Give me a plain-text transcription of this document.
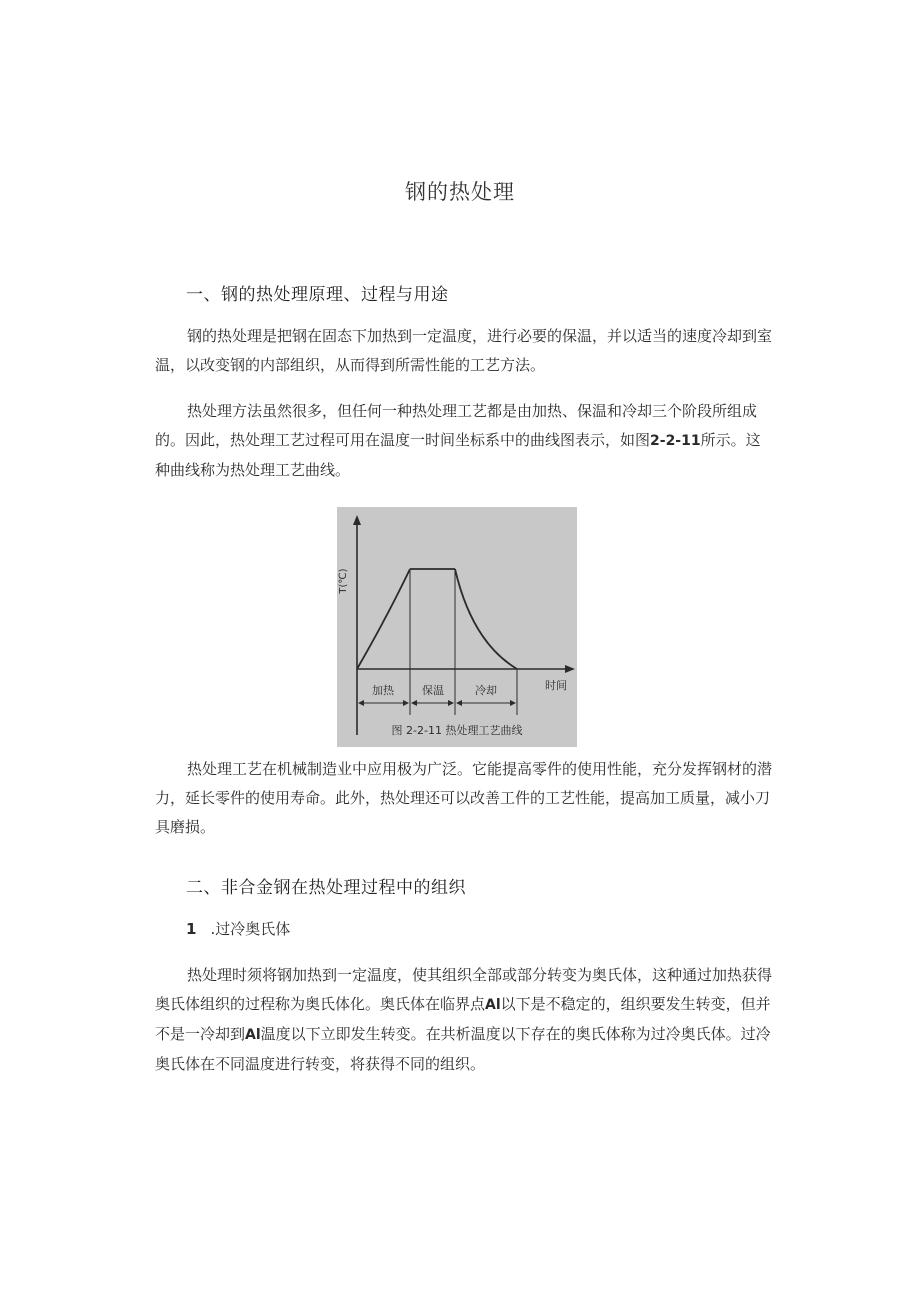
钢的热处理
一、钢的热处理原理、过程与用途

钢的热处理是把钢在固态下加热到一定温度，进行必要的保温，并以适当的速度冷却到室温，以改变钢的内部组织，从而得到所需性能的工艺方法。

热处理方法虽然很多，但任何一种热处理工艺都是由加热、保温和冷却三个阶段所组成的。因此，热处理工艺过程可用在温度一时间坐标系中的曲线图表示，如图2-2-11所示。这种曲线称为热处理工艺曲线。

T(℃)
时间
加热	保温	冷却
图 2-2-11 热处理工艺曲线

热处理工艺在机械制造业中应用极为广泛。它能提高零件的使用性能，充分发挥钢材的潜力，延长零件的使用寿命。此外，热处理还可以改善工件的工艺性能，提高加工质量，减小刀具磨损。

二、非合金钢在热处理过程中的组织
1 .过冷奥氏体

热处理时须将钢加热到一定温度，使其组织全部或部分转变为奥氏体，这种通过加热获得奥氏体组织的过程称为奥氏体化。奥氏体在临界点Al以下是不稳定的，组织要发生转变，但并不是一冷却到Al温度以下立即发生转变。在共析温度以下存在的奥氏体称为过冷奥氏体。过冷奥氏体在不同温度进行转变，将获得不同的组织。
